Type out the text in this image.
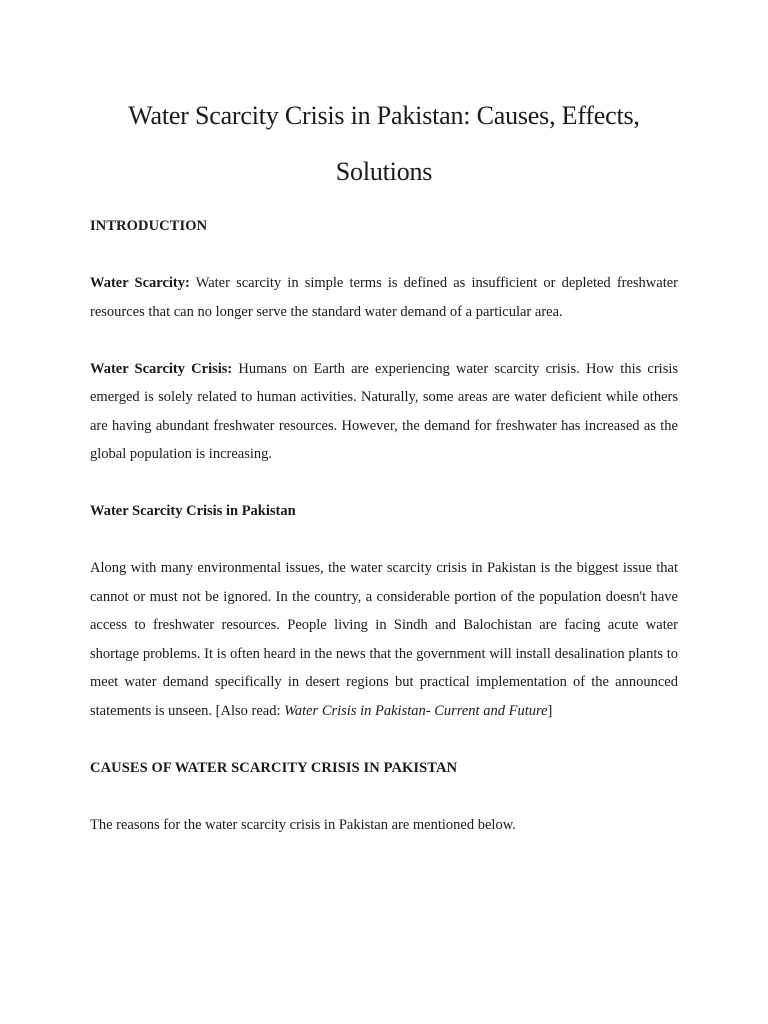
Water Scarcity Crisis in Pakistan: Causes, Effects, Solutions

INTRODUCTION

Water Scarcity: Water scarcity in simple terms is defined as insufficient or depleted freshwater resources that can no longer serve the standard water demand of a particular area.

Water Scarcity Crisis: Humans on Earth are experiencing water scarcity crisis. How this crisis emerged is solely related to human activities. Naturally, some areas are water deficient while others are having abundant freshwater resources. However, the demand for freshwater has increased as the global population is increasing.

Water Scarcity Crisis in Pakistan

Along with many environmental issues, the water scarcity crisis in Pakistan is the biggest issue that cannot or must not be ignored. In the country, a considerable portion of the population doesn't have access to freshwater resources. People living in Sindh and Balochistan are facing acute water shortage problems. It is often heard in the news that the government will install desalination plants to meet water demand specifically in desert regions but practical implementation of the announced statements is unseen. [Also read: Water Crisis in Pakistan- Current and Future]

CAUSES OF WATER SCARCITY CRISIS IN PAKISTAN

The reasons for the water scarcity crisis in Pakistan are mentioned below.
